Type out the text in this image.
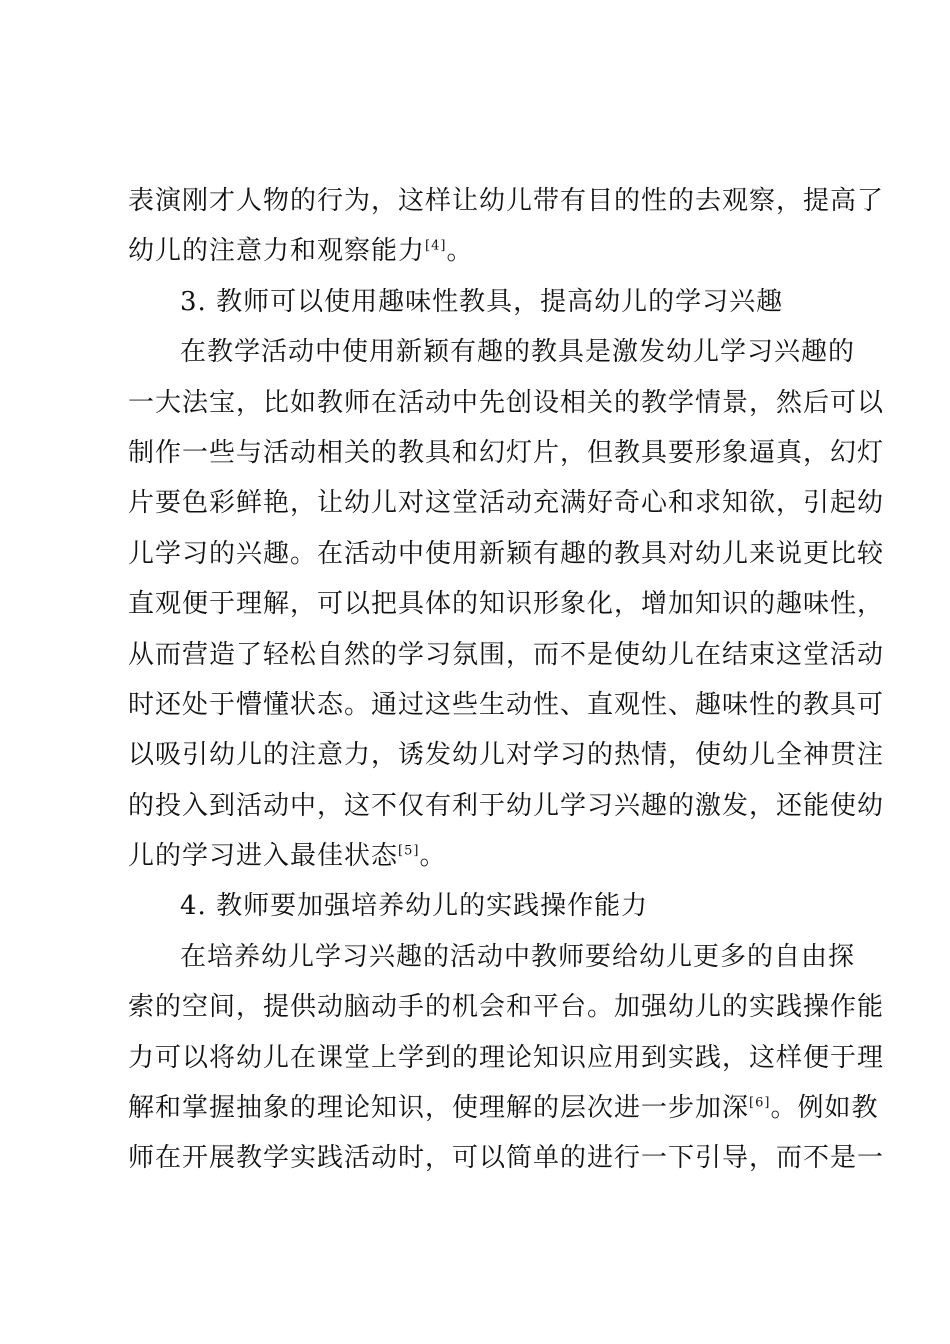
表演刚才人物的行为，这样让幼儿带有目的性的去观察，提高了
幼儿的注意力和观察能力[4]。
3. 教师可以使用趣味性教具，提高幼儿的学习兴趣
在教学活动中使用新颖有趣的教具是激发幼儿学习兴趣的
一大法宝，比如教师在活动中先创设相关的教学情景，然后可以
制作一些与活动相关的教具和幻灯片，但教具要形象逼真，幻灯
片要色彩鲜艳，让幼儿对这堂活动充满好奇心和求知欲，引起幼
儿学习的兴趣。在活动中使用新颖有趣的教具对幼儿来说更比较
直观便于理解，可以把具体的知识形象化，增加知识的趣味性，
从而营造了轻松自然的学习氛围，而不是使幼儿在结束这堂活动
时还处于懵懂状态。通过这些生动性、直观性、趣味性的教具可
以吸引幼儿的注意力，诱发幼儿对学习的热情，使幼儿全神贯注
的投入到活动中，这不仅有利于幼儿学习兴趣的激发，还能使幼
儿的学习进入最佳状态[5]。
4. 教师要加强培养幼儿的实践操作能力
在培养幼儿学习兴趣的活动中教师要给幼儿更多的自由探
索的空间，提供动脑动手的机会和平台。加强幼儿的实践操作能
力可以将幼儿在课堂上学到的理论知识应用到实践，这样便于理
解和掌握抽象的理论知识，使理解的层次进一步加深[6]。例如教
师在开展教学实践活动时，可以简单的进行一下引导，而不是一
